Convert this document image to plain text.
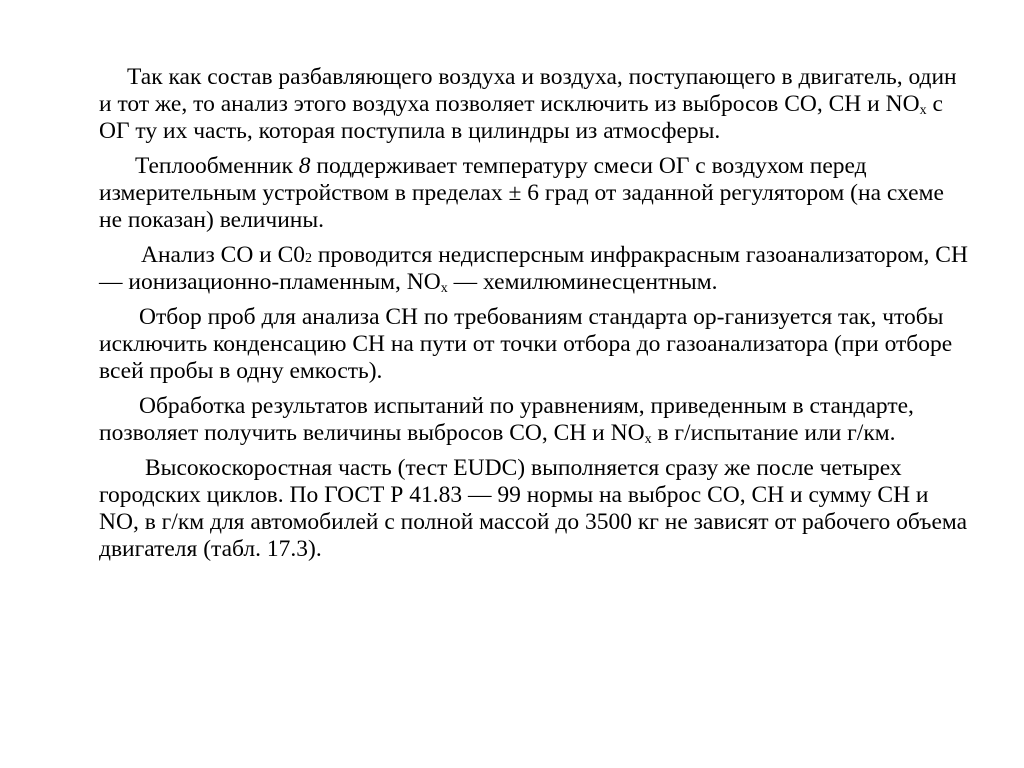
Так как состав разбавляющего воздуха и воздуха, поступающего в двигатель, один и тот же, то анализ этого воздуха позволяет исключить из выбросов СО, СН и $NO_x$ с ОГ ту их часть, которая поступила в цилиндры из атмосферы.

Теплообменник 8 поддерживает температуру смеси ОГ с воздухом перед измерительным устройством в пределах ± 6 град от заданной регулятором (на схеме не показан) величины.

Анализ СО и С02 проводится недисперсным инфракрасным газоанализатором, СН — ионизационно-пламенным, $NO_x$ — хемилюминесцентным.

Отбор проб для анализа СН по требованиям стандарта ор-ганизуется так, чтобы исключить конденсацию СН на пути от точки отбора до газоанализатора (при отборе всей пробы в одну емкость).

Обработка результатов испытаний по уравнениям, приведенным в стандарте, позволяет получить величины выбросов СО, СН и $NO_x$ в г/испытание или г/км.

Высокоскоростная часть (тест EUDC) выполняется сразу же после четырех городских циклов. По ГОСТ Р 41.83 — 99 нормы на выброс СО, СН и сумму СН и NO, в г/км для автомобилей с полной массой до 3500 кг не зависят от рабочего объема двигателя (табл. 17.3).
